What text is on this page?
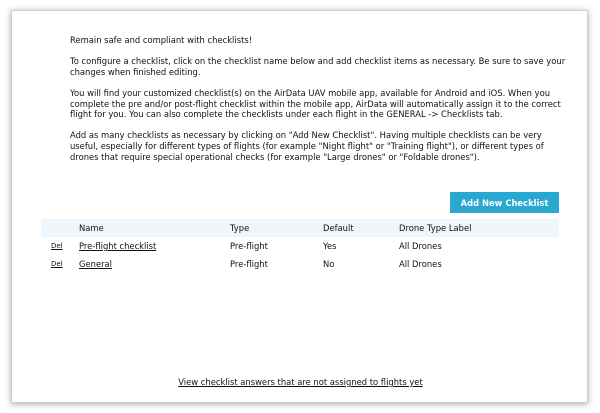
Remain safe and compliant with checklists!

To configure a checklist, click on the checklist name below and add checklist items as necessary. Be sure to save your changes when finished editing.

You will find your customized checklist(s) on the AirData UAV mobile app, available for Android and iOS. When you complete the pre and/or post-flight checklist within the mobile app, AirData will automatically assign it to the correct flight for you. You can also complete the checklists under each flight in the GENERAL -> Checklists tab.

Add as many checklists as necessary by clicking on "Add New Checklist". Having multiple checklists can be very useful, especially for different types of flights (for example "Night flight" or "Training flight"), or different types of drones that require special operational checks (for example "Large drones" or "Foldable drones").

Add New Checklist
Name	Type	Default	Drone Type Label
Del Pre-flight checklist	Pre-flight	Yes	All Drones
Del General	Pre-flight	No	All Drones
View checklist answers that are not assigned to flights yet
